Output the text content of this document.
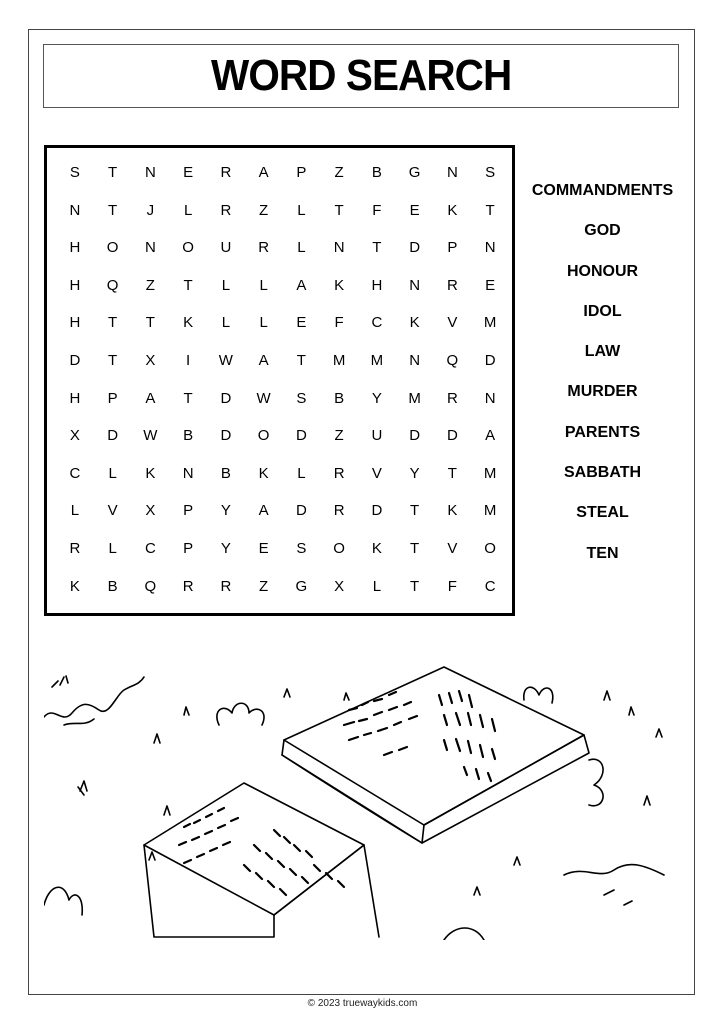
WORD SEARCH
S	T	N	E	R	A	P	Z	B	G	N	S
N	T	J	L	R	Z	L	T	F	E	K	T
H	O	N	O	U	R	L	N	T	D	P	N
H	Q	Z	T	L	L	A	K	H	N	R	E
H	T	T	K	L	L	E	F	C	K	V	M
D	T	X	I	W	A	T	M	M	N	Q	D
H	P	A	T	D	W	S	B	Y	M	R	N
X	D	W	B	D	O	D	Z	U	D	D	A
C	L	K	N	B	K	L	R	V	Y	T	M
L	V	X	P	Y	A	D	R	D	T	K	M
R	L	C	P	Y	E	S	O	K	T	V	O
K	B	Q	R	R	Z	G	X	L	T	F	C
COMMANDMENTS
GOD
HONOUR
IDOL
LAW
MURDER
PARENTS
SABBATH
STEAL
TEN
© 2023 truewaykids.com
